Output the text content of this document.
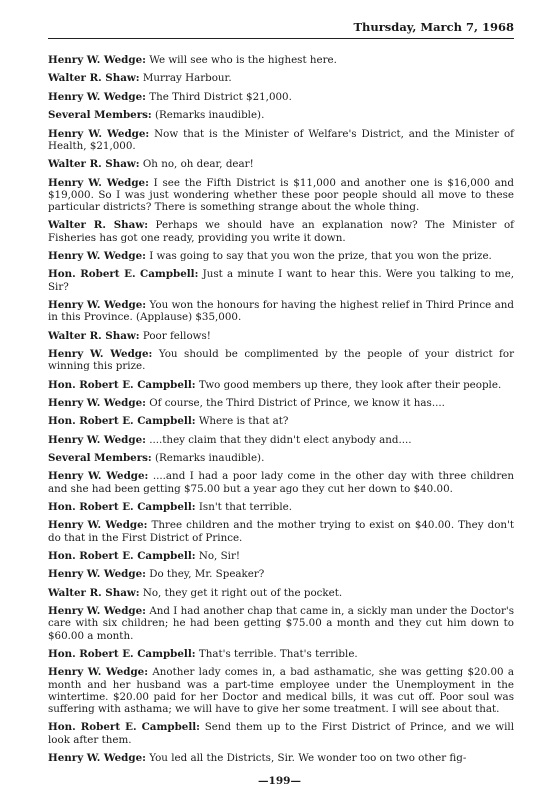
Thursday, March 7, 1968

Henry W. Wedge: We will see who is the highest here.

Walter R. Shaw: Murray Harbour.

Henry W. Wedge: The Third District $21,000.

Several Members: (Remarks inaudible).

Henry W. Wedge: Now that is the Minister of Welfare's District, and the Minister of Health, $21,000.

Walter R. Shaw: Oh no, oh dear, dear!

Henry W. Wedge: I see the Fifth District is $11,000 and another one is $16,000 and $19,000. So I was just wondering whether these poor people should all move to these particular districts? There is something strange about the whole thing.

Walter R. Shaw: Perhaps we should have an explanation now? The Minister of Fisheries has got one ready, providing you write it down.

Henry W. Wedge: I was going to say that you won the prize, that you won the prize.

Hon. Robert E. Campbell: Just a minute I want to hear this. Were you talking to me, Sir?

Henry W. Wedge: You won the honours for having the highest relief in Third Prince and in this Province. (Applause) $35,000.

Walter R. Shaw: Poor fellows!

Henry W. Wedge: You should be complimented by the people of your district for winning this prize.

Hon. Robert E. Campbell: Two good members up there, they look after their people.

Henry W. Wedge: Of course, the Third District of Prince, we know it has....

Hon. Robert E. Campbell: Where is that at?

Henry W. Wedge: ....they claim that they didn't elect anybody and....

Several Members: (Remarks inaudible).

Henry W. Wedge: ....and I had a poor lady come in the other day with three children and she had been getting $75.00 but a year ago they cut her down to $40.00.

Hon. Robert E. Campbell: Isn't that terrible.

Henry W. Wedge: Three children and the mother trying to exist on $40.00. They don't do that in the First District of Prince.

Hon. Robert E. Campbell: No, Sir!

Henry W. Wedge: Do they, Mr. Speaker?

Walter R. Shaw: No, they get it right out of the pocket.

Henry W. Wedge: And I had another chap that came in, a sickly man under the Doctor's care with six children; he had been getting $75.00 a month and they cut him down to $60.00 a month.

Hon. Robert E. Campbell: That's terrible. That's terrible.

Henry W. Wedge: Another lady comes in, a bad asthamatic, she was getting $20.00 a month and her husband was a part-time employee under the Unemployment in the wintertime. $20.00 paid for her Doctor and medical bills, it was cut off. Poor soul was suffering with asthama; we will have to give her some treatment. I will see about that.

Hon. Robert E. Campbell: Send them up to the First District of Prince, and we will look after them.

Henry W. Wedge: You led all the Districts, Sir. We wonder too on two other fig-

—199—
